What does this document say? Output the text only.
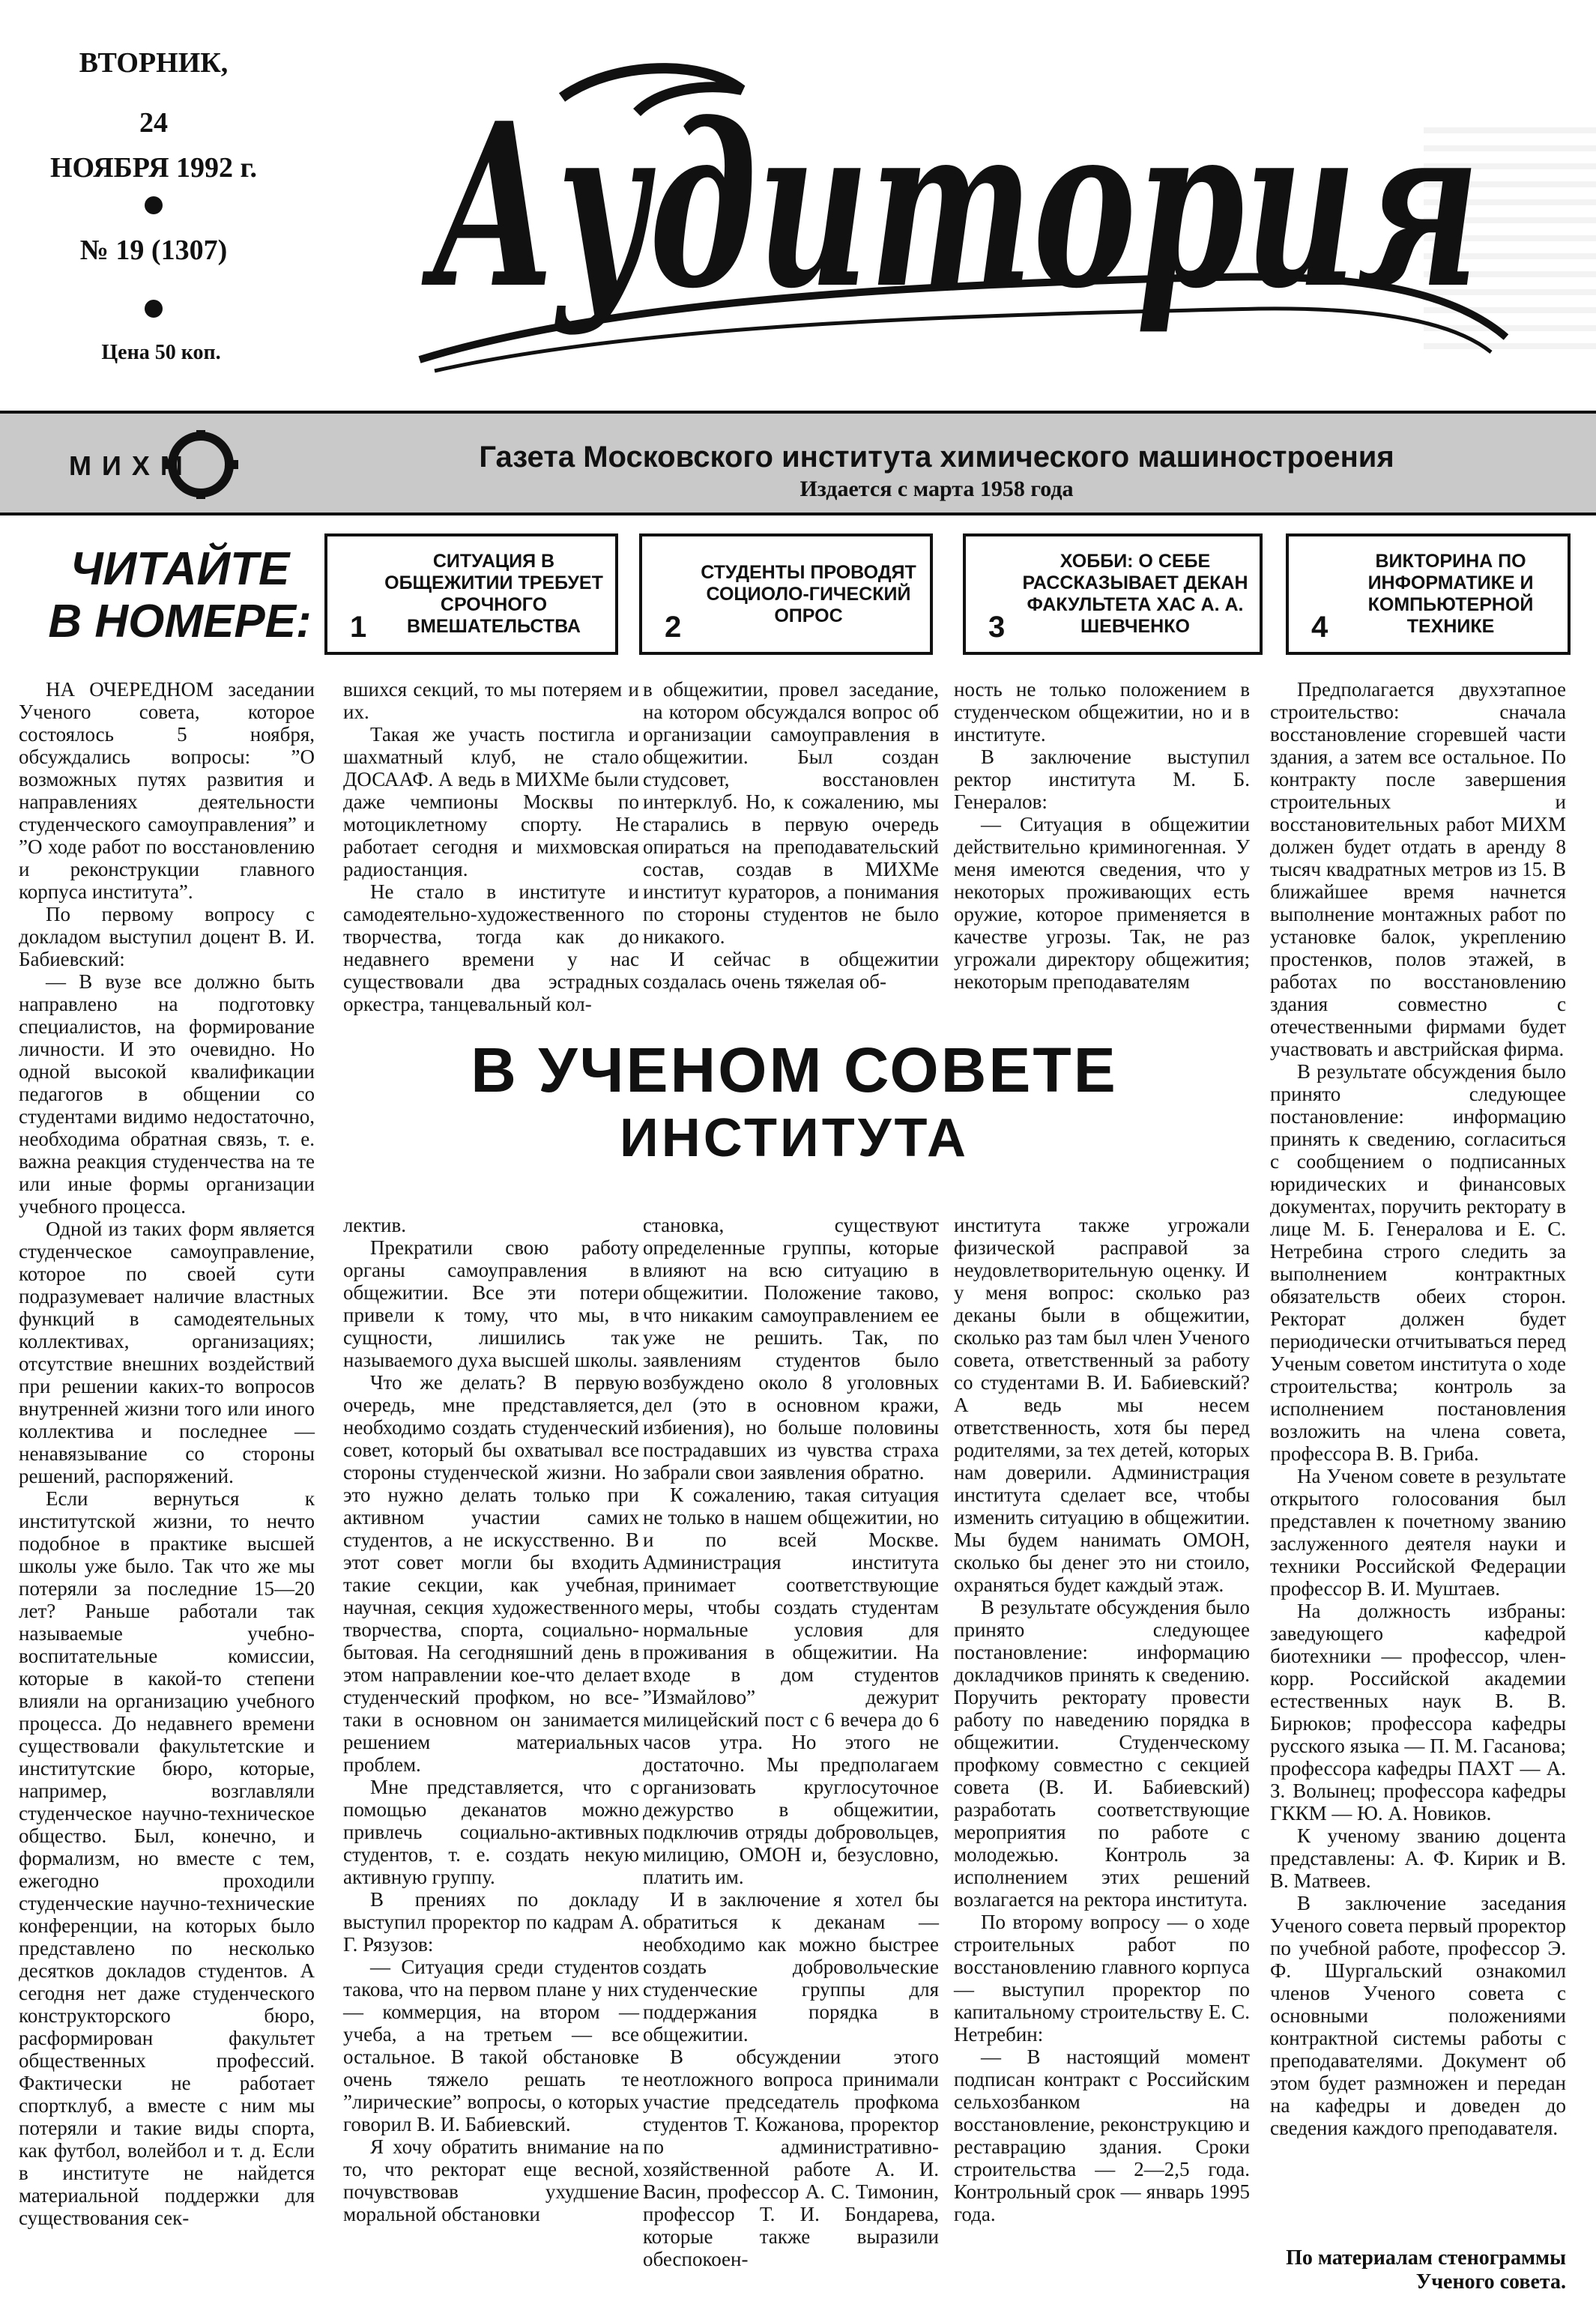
ВТОРНИК,
24
НОЯБРЯ 1992 г.
№ 19 (1307)
Цена 50 коп.
Аудитория
МИХМ	Газета Московского института химического машиностроения
Издается с марта 1958 года
ЧИТАЙТЕ
В НОМЕРЕ: 1
СИТУАЦИЯ В ОБЩЕЖИТИИ ТРЕБУЕТ СРОЧНОГО ВМЕШАТЕЛЬСТВА	2
СТУДЕНТЫ ПРОВОДЯТ СОЦИОЛО-ГИЧЕСКИЙ ОПРОС	3
ХОББИ: О СЕБЕ РАССКАЗЫВАЕТ ДЕКАН ФАКУЛЬТЕТА ХАС А. А. ШЕВЧЕНКО	4
ВИКТОРИНА ПО ИНФОРМАТИКЕ И КОМПЬЮТЕРНОЙ ТЕХНИКЕ

НА ОЧЕРЕДНОМ заседании Ученого совета, которое состоялось 5 ноября, обсуждались вопросы: ”О возможных путях развития и направлениях деятельности студенческого самоуправления” и ”О ходе работ по восстановлению и реконструкции главного корпуса института”.

По первому вопросу с докладом выступил доцент В. И. Бабиевский:

— В вузе все должно быть направлено на подготовку специалистов, на формирование личности. И это очевидно. Но одной высокой квалификации педагогов в общении со студентами видимо недостаточно, необходима обратная связь, т. е. важна реакция студенчества на те или иные формы организации учебного процесса.

Одной из таких форм является студенческое самоуправление, которое по своей сути подразумевает наличие властных функций в самодеятельных коллективах, организациях; отсутствие внешних воздействий при решении каких-то вопросов внутренней жизни того или иного коллектива и последнее — ненавязывание со стороны решений, распоряжений.

Если вернуться к институтской жизни, то нечто подобное в практике высшей школы уже было. Так что же мы потеряли за последние 15—20 лет? Раньше работали так называемые учебно-воспитательные комиссии, которые в какой-то степени влияли на организацию учебного процесса. До недавнего времени существовали факультетские и институтские бюро, которые, например, возглавляли студенческое научно-техническое общество. Был, конечно, и формализм, но вместе с тем, ежегодно проходили студенческие научно-технические конференции, на которых было представлено по несколько десятков докладов студентов. А сегодня нет даже студенческого конструкторского бюро, расформирован факультет общественных профессий. Фактически не работает спортклуб, а вместе с ним мы потеряли и такие виды спорта, как футбол, волейбол и т. д. Если в институте не найдется материальной поддержки для существования сек-

вшихся секций, то мы потеряем и их.

Такая же участь постигла и шахматный клуб, не стало ДОСААФ. А ведь в МИХМе были даже чемпионы Москвы по мотоциклетному спорту. Не работает сегодня и михмовская радиостанция.

Не стало в институте и самодеятельно-художественного творчества, тогда как до недавнего времени у нас существовали два эстрадных оркестра, танцевальный кол-

в общежитии, провел заседание, на котором обсуждался вопрос об организации самоуправления в общежитии. Был создан студсовет, восстановлен интерклуб. Но, к сожалению, мы старались в первую очередь опираться на преподавательский состав, создав в МИХМе институт кураторов, а понимания по стороны студентов не было никакого.

И сейчас в общежитии создалась очень тяжелая об-

ность не только положением в студенческом общежитии, но и в институте.

В заключение выступил ректор института М. Б. Генералов:

— Ситуация в общежитии действительно криминогенная. У меня имеются сведения, что у некоторых проживающих есть оружие, которое применяется в качестве угрозы. Так, не раз угрожали директору общежития; некоторым преподавателям

В УЧЕНОМ СОВЕТЕ
ИНСТИТУТА

лектив.

Прекратили свою работу органы самоуправления в общежитии. Все эти потери привели к тому, что мы, в сущности, лишились так называемого духа высшей школы.

Что же делать? В первую очередь, мне представляется, необходимо создать студенческий совет, который бы охватывал все стороны студенческой жизни. Но это нужно делать только при активном участии самих студентов, а не искусственно. В этот совет могли бы входить такие секции, как учебная, научная, секция художественного творчества, спорта, социально-бытовая. На сегодняшний день в этом направлении кое-что делает студенческий профком, но все-таки в основном он занимается решением материальных проблем.

Мне представляется, что с помощью деканатов можно привлечь социально-активных студентов, т. е. создать некую активную группу.

В прениях по докладу выступил проректор по кадрам А. Г. Рязузов:

— Ситуация среди студентов такова, что на первом плане у них — коммерция, на втором — учеба, а на третьем — все остальное. В такой обстановке очень тяжело решать те ”лирические” вопросы, о которых говорил В. И. Бабиевский.

Я хочу обратить внимание на то, что ректорат еще весной, почувствовав ухудшение моральной обстановки

становка, существуют определенные группы, которые влияют на всю ситуацию в общежитии. Положение таково, что никаким самоуправлением ее уже не решить. Так, по заявлениям студентов было возбуждено около 8 уголовных дел (это в основном кражи, избиения), но больше половины пострадавших из чувства страха забрали свои заявления обратно.

К сожалению, такая ситуация не только в нашем общежитии, но и по всей Москве. Администрация института принимает соответствующие меры, чтобы создать студентам нормальные условия для проживания в общежитии. На входе в дом студентов ”Измайлово” дежурит милицейский пост с 6 вечера до 6 часов утра. Но этого не достаточно. Мы предполагаем организовать круглосуточное дежурство в общежитии, подключив отряды добровольцев, милицию, ОМОН и, безусловно, платить им.

И в заключение я хотел бы обратиться к деканам — необходимо как можно быстрее создать добровольческие студенческие группы для поддержания порядка в общежитии.

В обсуждении этого неотложного вопроса принимали участие председатель профкома студентов Т. Кожанова, проректор по административно-хозяйственной работе А. И. Васин, профессор А. С. Тимонин, профессор Т. И. Бондарева, которые также выразили обеспокоен-

института также угрожали физической расправой за неудовлетворительную оценку. И у меня вопрос: сколько раз деканы были в общежитии, сколько раз там был член Ученого совета, ответственный за работу со студентами В. И. Бабиевский? А ведь мы несем ответственность, хотя бы перед родителями, за тех детей, которых нам доверили. Администрация института сделает все, чтобы изменить ситуацию в общежитии. Мы будем нанимать ОМОН, сколько бы денег это ни стоило, охраняться будет каждый этаж.

В результате обсуждения было принято следующее постановление: информацию докладчиков принять к сведению. Поручить ректорату провести работу по наведению порядка в общежитии. Студенческому профкому совместно с секцией совета (В. И. Бабиевский) разработать соответствующие мероприятия по работе с молодежью. Контроль за исполнением этих решений возлагается на ректора института.

По второму вопросу — о ходе строительных работ по восстановлению главного корпуса — выступил проректор по капитальному строительству Е. С. Нетребин:

— В настоящий момент подписан контракт с Российским сельхозбанком на восстановление, реконструкцию и реставрацию здания. Сроки строительства — 2—2,5 года. Контрольный срок — январь 1995 года.

Предполагается двухэтапное строительство: сначала восстановление сгоревшей части здания, а затем все остальное. По контракту после завершения строительных и восстановительных работ МИХМ должен будет отдать в аренду 8 тысяч квадратных метров из 15. В ближайшее время начнется выполнение монтажных работ по установке балок, укреплению простенков, полов этажей, в работах по восстановлению здания совместно с отечественными фирмами будет участвовать и австрийская фирма.

В результате обсуждения было принято следующее постановление: информацию принять к сведению, согласиться с сообщением о подписанных юридических и финансовых документах, поручить ректорату в лице М. Б. Генералова и Е. С. Нетребина строго следить за выполнением контрактных обязательств обеих сторон. Ректорат должен будет периодически отчитываться перед Ученым советом института о ходе строительства; контроль за исполнением постановления возложить на члена совета, профессора В. В. Гриба.

На Ученом совете в результате открытого голосования был представлен к почетному званию заслуженного деятеля науки и техники Российской Федерации профессор В. И. Муштаев.

На должность избраны: заведующего кафедрой биотехники — профессор, член-корр. Российской академии естественных наук В. В. Бирюков; профессора кафедры русского языка — П. М. Гасанова; профессора кафедры ПАХТ — А. З. Волынец; профессора кафедры ГККМ — Ю. А. Новиков.

К ученому званию доцента представлены: А. Ф. Кирик и В. В. Матвеев.

В заключение заседания Ученого совета первый проректор по учебной работе, профессор Э. Ф. Шургальский ознакомил членов Ученого совета с основными положениями контрактной системы работы с преподавателями. Документ об этом будет размножен и передан на кафедры и доведен до сведения каждого преподавателя.

По материалам стенограммы
Ученого совета.
